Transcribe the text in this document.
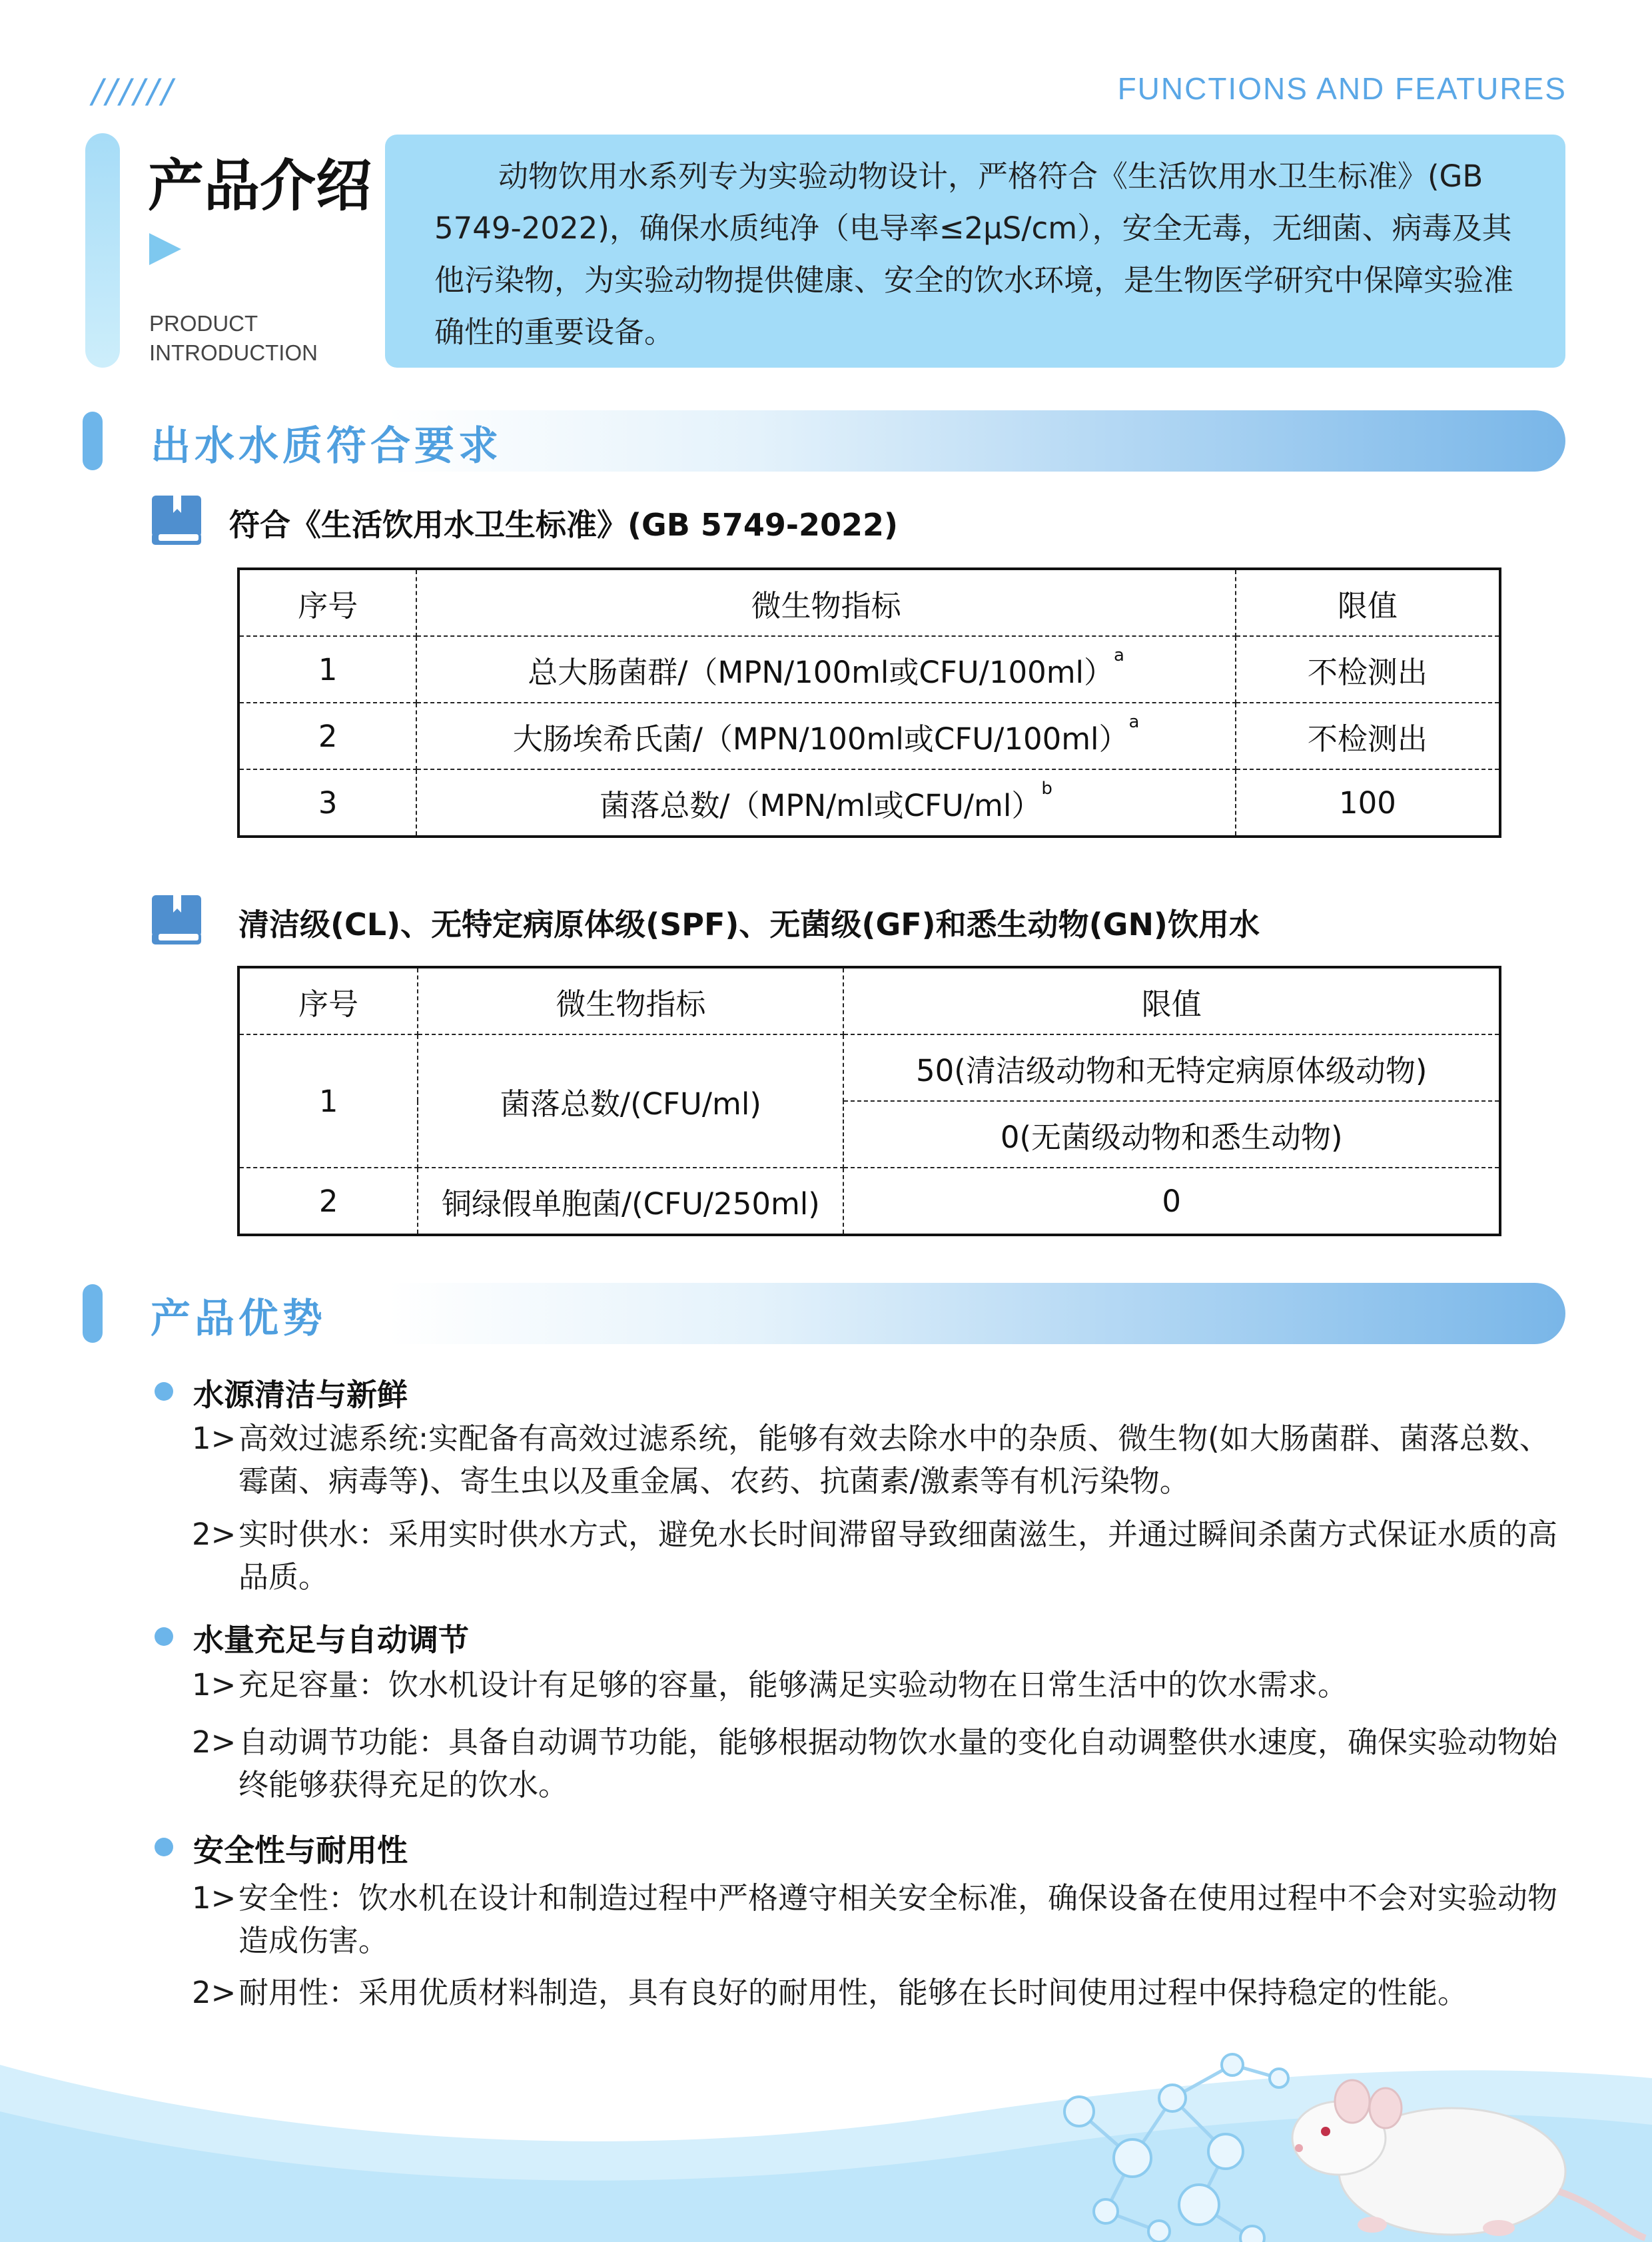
//////	FUNCTIONS AND FEATURES
产品介绍
PRODUCT
INTRODUCTION
动物饮用水系列专为实验动物设计，严格符合《生活饮用水卫生标准》(GB 5749-2022)，确保水质纯净（电导率≤2μS/cm），安全无毒，无细菌、病毒及其他污染物，为实验动物提供健康、安全的饮水环境，是生物医学研究中保障实验准确性的重要设备。
出水水质符合要求
符合《生活饮用水卫生标准》(GB 5749-2022)
序号	微生物指标	限值
1	总大肠菌群/（MPN/100ml或CFU/100ml）$^a$	不检测出
2	大肠埃希氏菌/（MPN/100ml或CFU/100ml）$^a$	不检测出
3	菌落总数/（MPN/ml或CFU/ml）$^b$	100
清洁级(CL)、无特定病原体级(SPF)、无菌级(GF)和悉生动物(GN)饮用水
序号	微生物指标	限值
1	菌落总数/(CFU/ml)	50(清洁级动物和无特定病原体级动物)
		0(无菌级动物和悉生动物)
2	铜绿假单胞菌/(CFU/250ml)	0
产品优势
水源清洁与新鲜
1>高效过滤系统:实配备有高效过滤系统，能够有效去除水中的杂质、微生物(如大肠菌群、菌落总数、霉菌、病毒等)、寄生虫以及重金属、农药、抗菌素/激素等有机污染物。
2>实时供水：采用实时供水方式，避免水长时间滞留导致细菌滋生，并通过瞬间杀菌方式保证水质的高品质。
水量充足与自动调节
1>充足容量：饮水机设计有足够的容量，能够满足实验动物在日常生活中的饮水需求。
2>自动调节功能：具备自动调节功能，能够根据动物饮水量的变化自动调整供水速度，确保实验动物始终能够获得充足的饮水。
安全性与耐用性
1>安全性：饮水机在设计和制造过程中严格遵守相关安全标准，确保设备在使用过程中不会对实验动物造成伤害。
2>耐用性：采用优质材料制造，具有良好的耐用性，能够在长时间使用过程中保持稳定的性能。
